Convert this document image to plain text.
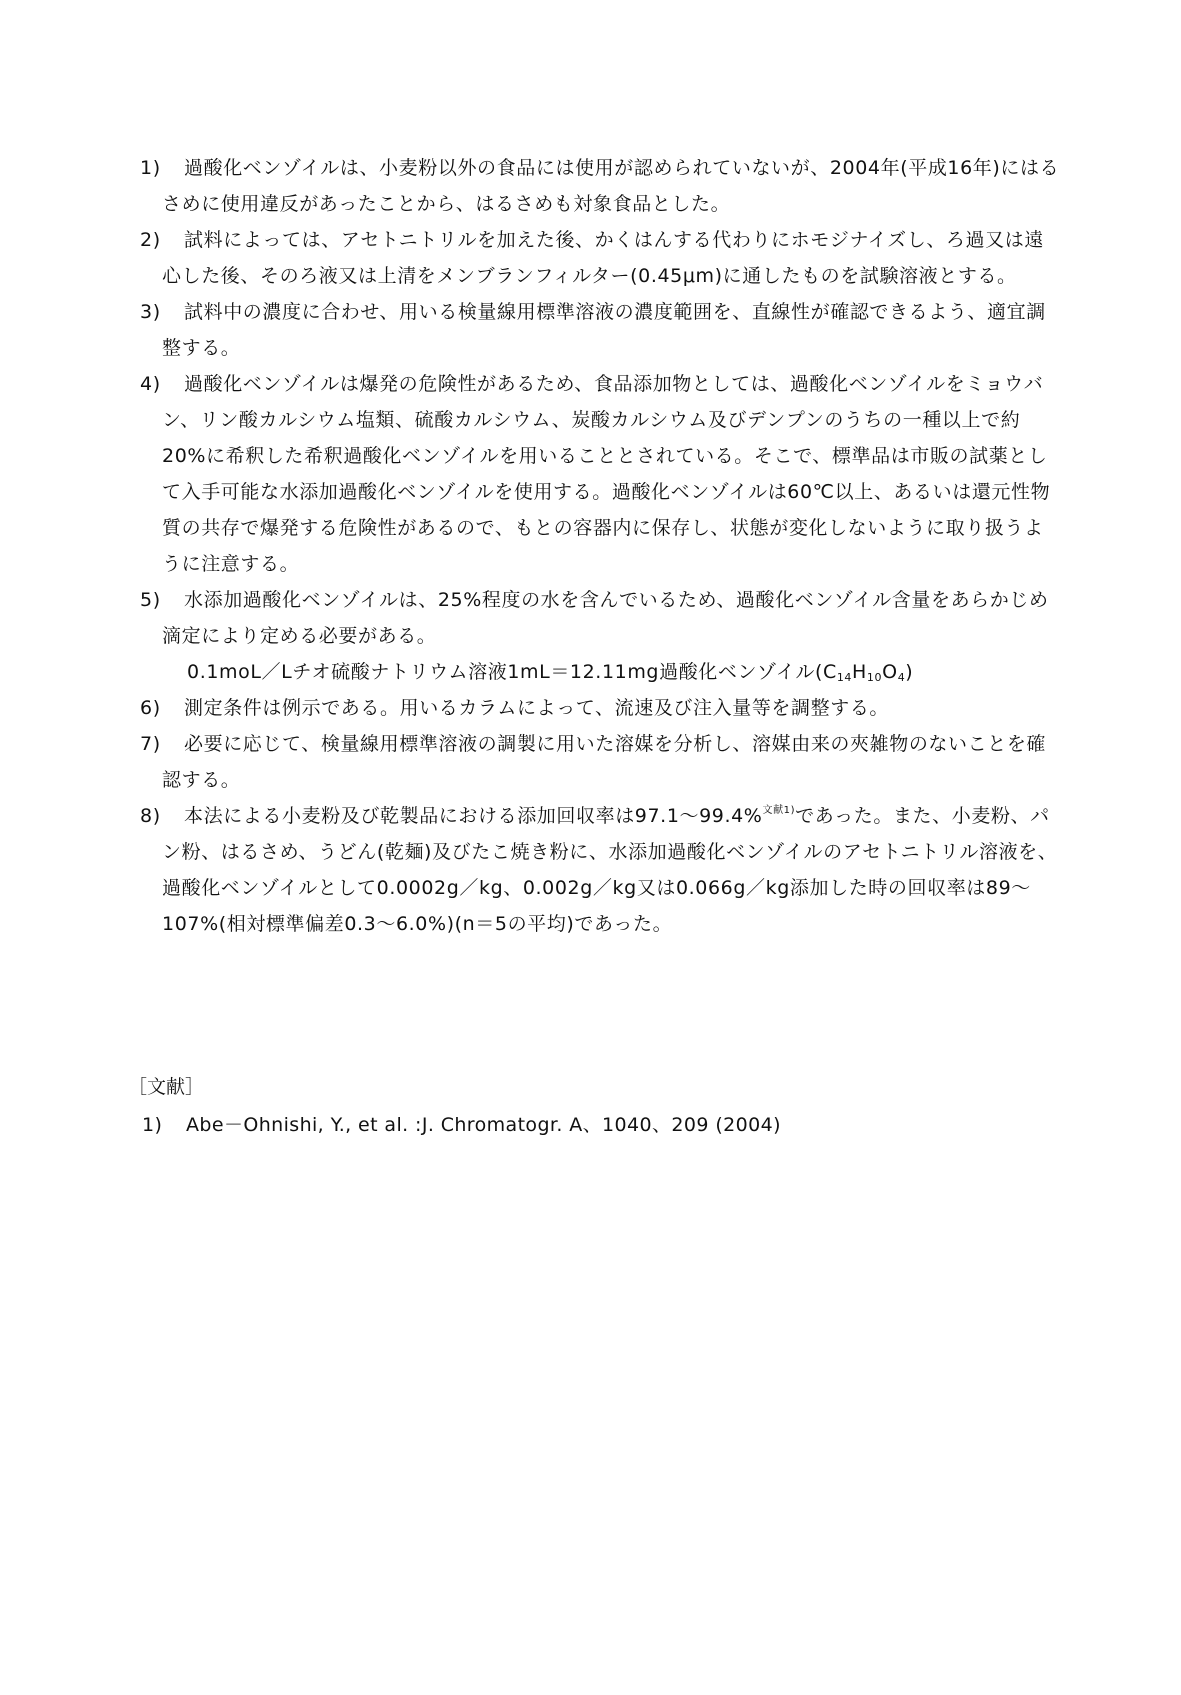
1)	過酸化ベンゾイルは、小麦粉以外の食品には使用が認められていないが、2004年(平成16年)にはるさめに使用違反があったことから、はるさめも対象食品とした。
2)	試料によっては、アセトニトリルを加えた後、かくはんする代わりにホモジナイズし、ろ過又は遠心した後、そのろ液又は上清をメンブランフィルター(0.45μm)に通したものを試験溶液とする。
3)	試料中の濃度に合わせ、用いる検量線用標準溶液の濃度範囲を、直線性が確認できるよう、適宜調整する。
4)	過酸化ベンゾイルは爆発の危険性があるため、食品添加物としては、過酸化ベンゾイルをミョウバン、リン酸カルシウム塩類、硫酸カルシウム、炭酸カルシウム及びデンプンのうちの一種以上で約20%に希釈した希釈過酸化ベンゾイルを用いることとされている。そこで、標準品は市販の試薬として入手可能な水添加過酸化ベンゾイルを使用する。過酸化ベンゾイルは60℃以上、あるいは還元性物質の共存で爆発する危険性があるので、もとの容器内に保存し、状態が変化しないように取り扱うように注意する。
5)	水添加過酸化ベンゾイルは、25%程度の水を含んでいるため、過酸化ベンゾイル含量をあらかじめ滴定により定める必要がある。
0.1moL／Lチオ硫酸ナトリウム溶液1mL＝12.11mg過酸化ベンゾイル$(C_{14}H_{10}O_4)$
6)	測定条件は例示である。用いるカラムによって、流速及び注入量等を調整する。
7)	必要に応じて、検量線用標準溶液の調製に用いた溶媒を分析し、溶媒由来の夾雑物のないことを確認する。
8)	本法による小麦粉及び乾製品における添加回収率は97.1～99.4%$^{文献1)}$であった。また、小麦粉、パン粉、はるさめ、うどん(乾麺)及びたこ焼き粉に、水添加過酸化ベンゾイルのアセトニトリル溶液を、過酸化ベンゾイルとして0.0002g／kg、0.002g／kg又は0.066g／kg添加した時の回収率は89～107%(相対標準偏差0.3～6.0%)(n＝5の平均)であった。
［文献］
1) Abe－Ohnishi, Y., et al. :J. Chromatogr. A、1040、209 (2004)
